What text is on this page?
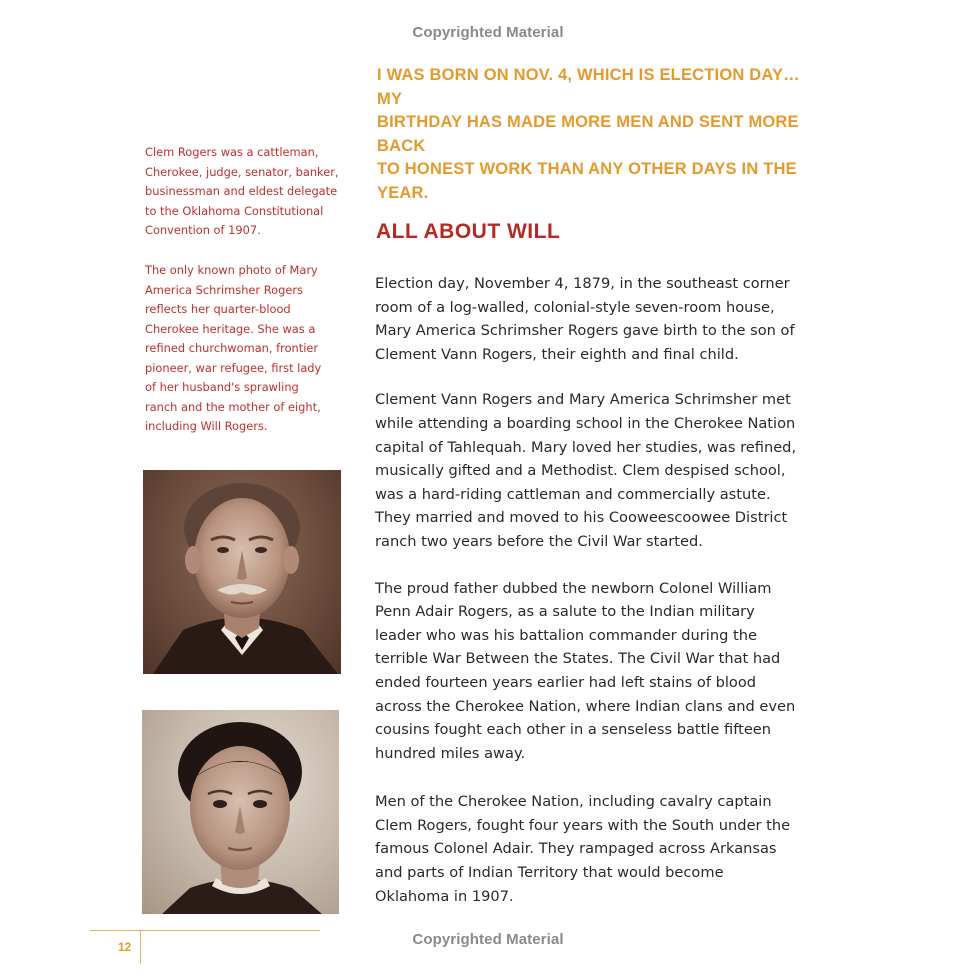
Copyrighted Material
I WAS BORN ON NOV. 4, WHICH IS ELECTION DAY… MY
BIRTHDAY HAS MADE MORE MEN AND SENT MORE BACK
TO HONEST WORK THAN ANY OTHER DAYS IN THE YEAR.
Clem Rogers was a cattleman,
Cherokee, judge, senator, banker,
businessman and eldest delegate
to the Oklahoma Constitutional
Convention of 1907.
The only known photo of Mary
America Schrimsher Rogers
reflects her quarter-blood
Cherokee heritage. She was a
refined churchwoman, frontier
pioneer, war refugee, first lady
of her husband's sprawling
ranch and the mother of eight,
including Will Rogers.
ALL ABOUT WILL

Election day, November 4, 1879, in the southeast corner
room of a log-walled, colonial-style seven-room house,
Mary America Schrimsher Rogers gave birth to the son of
Clement Vann Rogers, their eighth and final child.

Clement Vann Rogers and Mary America Schrimsher met
while attending a boarding school in the Cherokee Nation
capital of Tahlequah. Mary loved her studies, was refined,
musically gifted and a Methodist. Clem despised school,
was a hard-riding cattleman and commercially astute.
They married and moved to his Cooweescoowee District
ranch two years before the Civil War started.

The proud father dubbed the newborn Colonel William
Penn Adair Rogers, as a salute to the Indian military
leader who was his battalion commander during the
terrible War Between the States. The Civil War that had
ended fourteen years earlier had left stains of blood
across the Cherokee Nation, where Indian clans and even
cousins fought each other in a senseless battle fifteen
hundred miles away.

Men of the Cherokee Nation, including cavalry captain
Clem Rogers, fought four years with the South under the
famous Colonel Adair. They rampaged across Arkansas
and parts of Indian Territory that would become
Oklahoma in 1907.

12	Copyrighted Material
